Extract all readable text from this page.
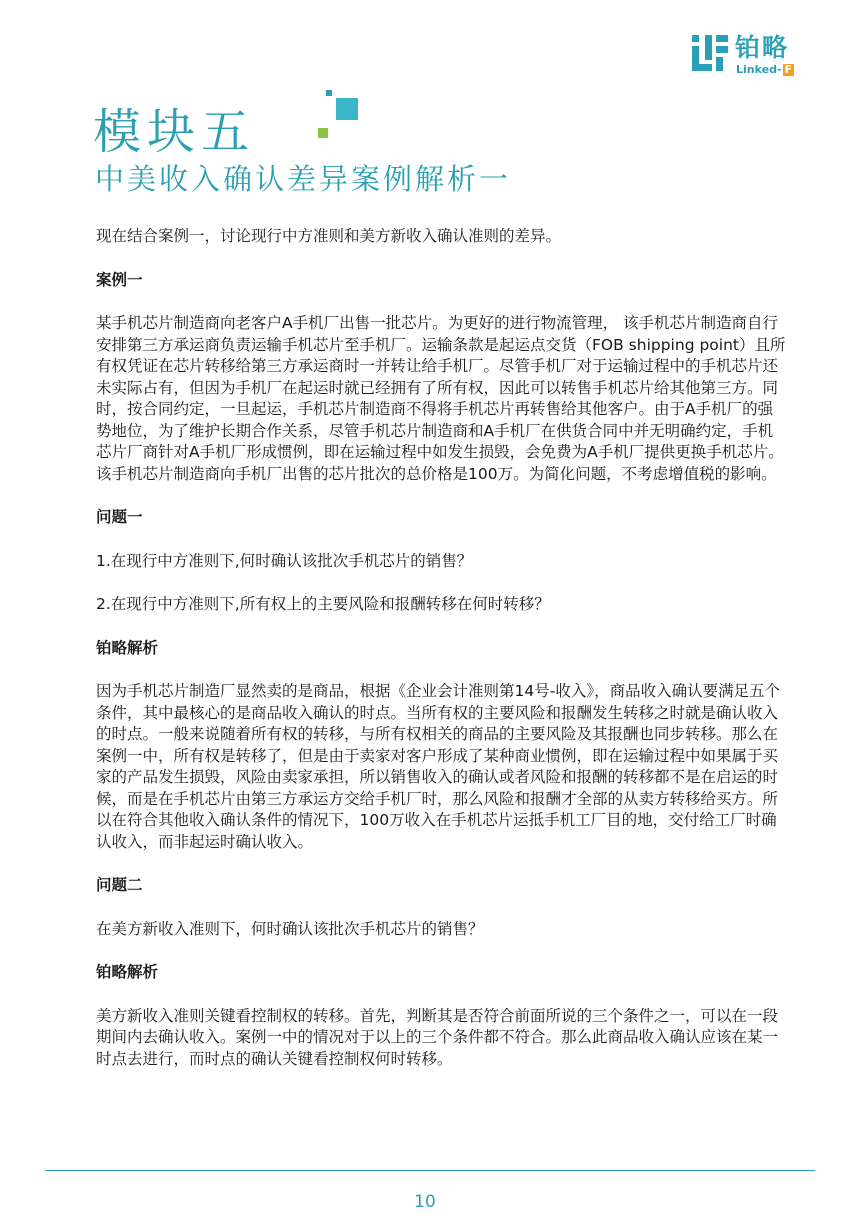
铂略
Linked- F
模块五
中美收入确认差异案例解析一

现在结合案例一，讨论现行中方准则和美方新收入确认准则的差异。

案例一

某手机芯片制造商向老客户A手机厂出售一批芯片。为更好的进行物流管理， 该手机芯片制造商自行安排第三方承运商负责运输手机芯片至手机厂。运输条款是起运点交货（FOB shipping point）且所有权凭证在芯片转移给第三方承运商时一并转让给手机厂。尽管手机厂对于运输过程中的手机芯片还未实际占有，但因为手机厂在起运时就已经拥有了所有权，因此可以转售手机芯片给其他第三方。同时，按合同约定，一旦起运，手机芯片制造商不得将手机芯片再转售给其他客户。由于A手机厂的强势地位，为了维护长期合作关系，尽管手机芯片制造商和A手机厂在供货合同中并无明确约定，手机芯片厂商针对A手机厂形成惯例，即在运输过程中如发生损毁，会免费为A手机厂提供更换手机芯片。该手机芯片制造商向手机厂出售的芯片批次的总价格是100万。为简化问题，不考虑增值税的影响。

问题一

1.在现行中方准则下,何时确认该批次手机芯片的销售？

2.在现行中方准则下,所有权上的主要风险和报酬转移在何时转移？

铂略解析

因为手机芯片制造厂显然卖的是商品，根据《企业会计准则第14号-收入》，商品收入确认要满足五个条件，其中最核心的是商品收入确认的时点。当所有权的主要风险和报酬发生转移之时就是确认收入的时点。一般来说随着所有权的转移，与所有权相关的商品的主要风险及其报酬也同步转移。那么在案例一中，所有权是转移了，但是由于卖家对客户形成了某种商业惯例，即在运输过程中如果属于买家的产品发生损毁，风险由卖家承担，所以销售收入的确认或者风险和报酬的转移都不是在启运的时候，而是在手机芯片由第三方承运方交给手机厂时，那么风险和报酬才全部的从卖方转移给买方。所以在符合其他收入确认条件的情况下，100万收入在手机芯片运抵手机工厂目的地，交付给工厂时确认收入，而非起运时确认收入。

问题二

在美方新收入准则下，何时确认该批次手机芯片的销售？

铂略解析

美方新收入准则关键看控制权的转移。首先，判断其是否符合前面所说的三个条件之一，可以在一段期间内去确认收入。案例一中的情况对于以上的三个条件都不符合。那么此商品收入确认应该在某一时点去进行，而时点的确认关键看控制权何时转移。

10
